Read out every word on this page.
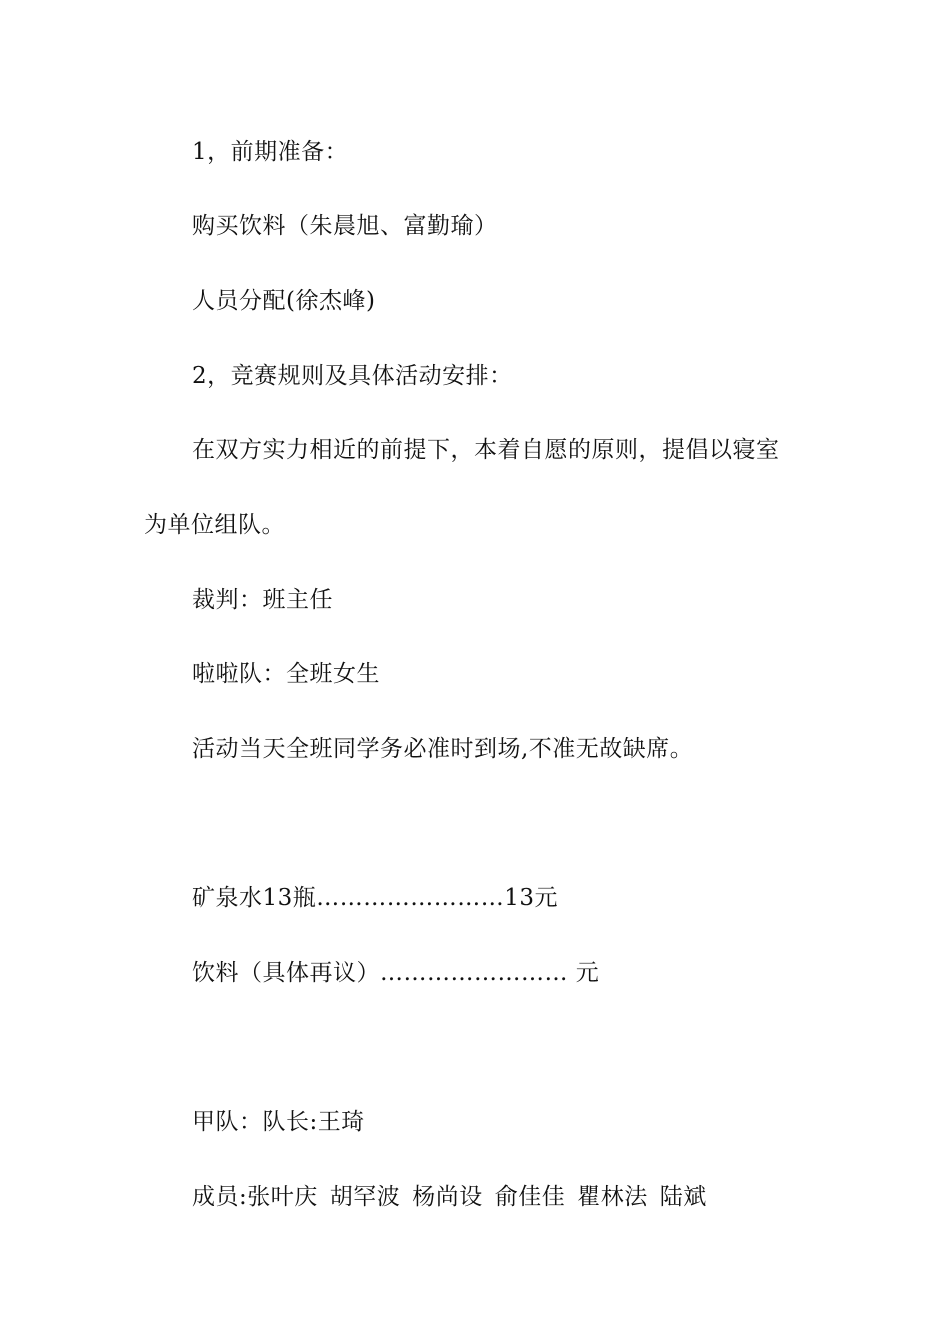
1，前期准备：
购买饮料（朱晨旭、富勤瑜）
人员分配(徐杰峰)
2，竞赛规则及具体活动安排：
在双方实力相近的前提下，本着自愿的原则，提倡以寝室
为单位组队。
裁判：班主任
啦啦队：全班女生
活动当天全班同学务必准时到场,不准无故缺席。
矿泉水13瓶……………………13元
饮料（具体再议）…………………… 元
甲队：队长:王琦
成员:张叶庆 胡罕波 杨尚设 俞佳佳 瞿林法 陆斌
